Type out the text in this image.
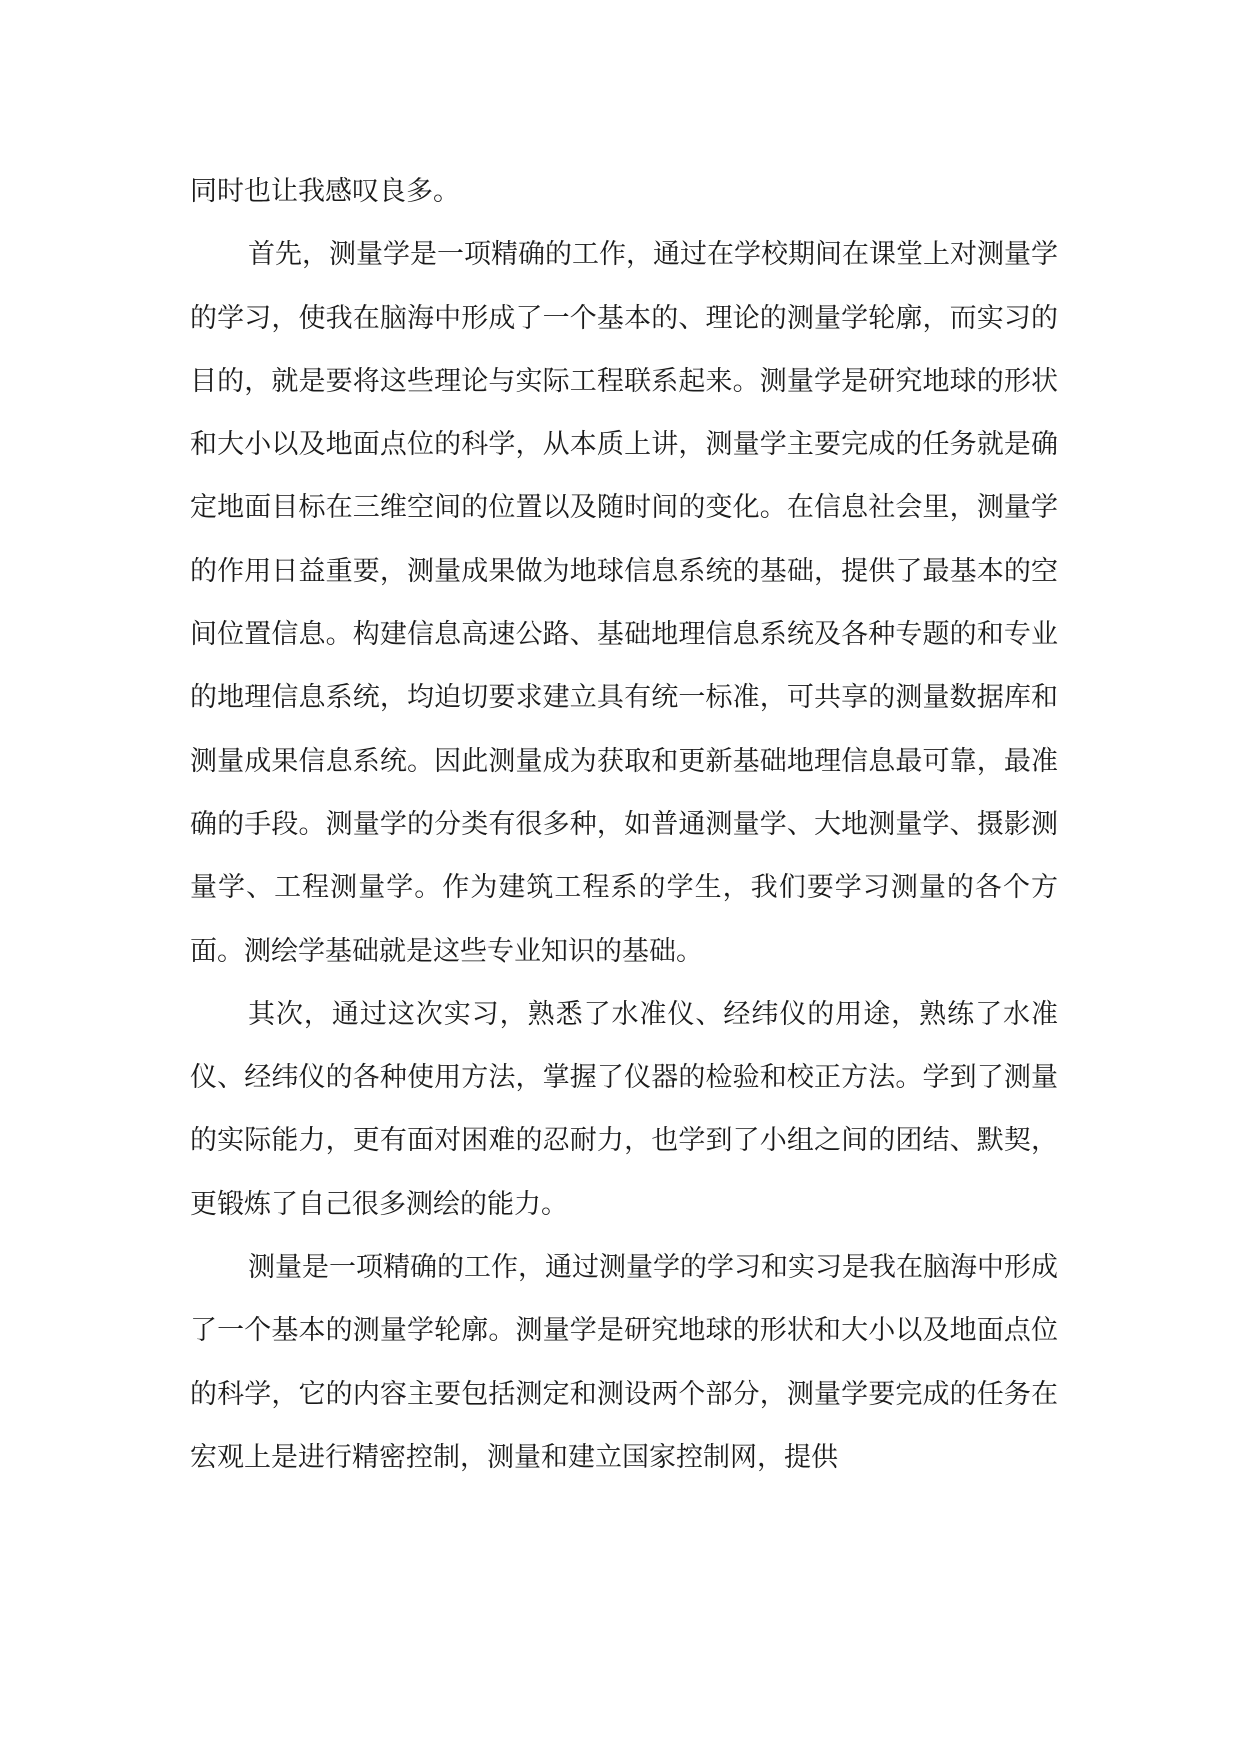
同时也让我感叹良多。

首先，测量学是一项精确的工作，通过在学校期间在课堂上对测量学的学习，使我在脑海中形成了一个基本的、理论的测量学轮廓，而实习的目的，就是要将这些理论与实际工程联系起来。测量学是研究地球的形状和大小以及地面点位的科学，从本质上讲，测量学主要完成的任务就是确定地面目标在三维空间的位置以及随时间的变化。在信息社会里，测量学的作用日益重要，测量成果做为地球信息系统的基础，提供了最基本的空间位置信息。构建信息高速公路、基础地理信息系统及各种专题的和专业的地理信息系统，均迫切要求建立具有统一标准，可共享的测量数据库和测量成果信息系统。因此测量成为获取和更新基础地理信息最可靠，最准确的手段。测量学的分类有很多种，如普通测量学、大地测量学、摄影测量学、工程测量学。作为建筑工程系的学生，我们要学习测量的各个方面。测绘学基础就是这些专业知识的基础。

其次，通过这次实习，熟悉了水准仪、经纬仪的用途，熟练了水准仪、经纬仪的各种使用方法，掌握了仪器的检验和校正方法。学到了测量的实际能力，更有面对困难的忍耐力，也学到了小组之间的团结、默契，更锻炼了自己很多测绘的能力。

测量是一项精确的工作，通过测量学的学习和实习是我在脑海中形成了一个基本的测量学轮廓。测量学是研究地球的形状和大小以及地面点位的科学，它的内容主要包括测定和测设两个部分，测量学要完成的任务在宏观上是进行精密控制，测量和建立国家控制网，提供
